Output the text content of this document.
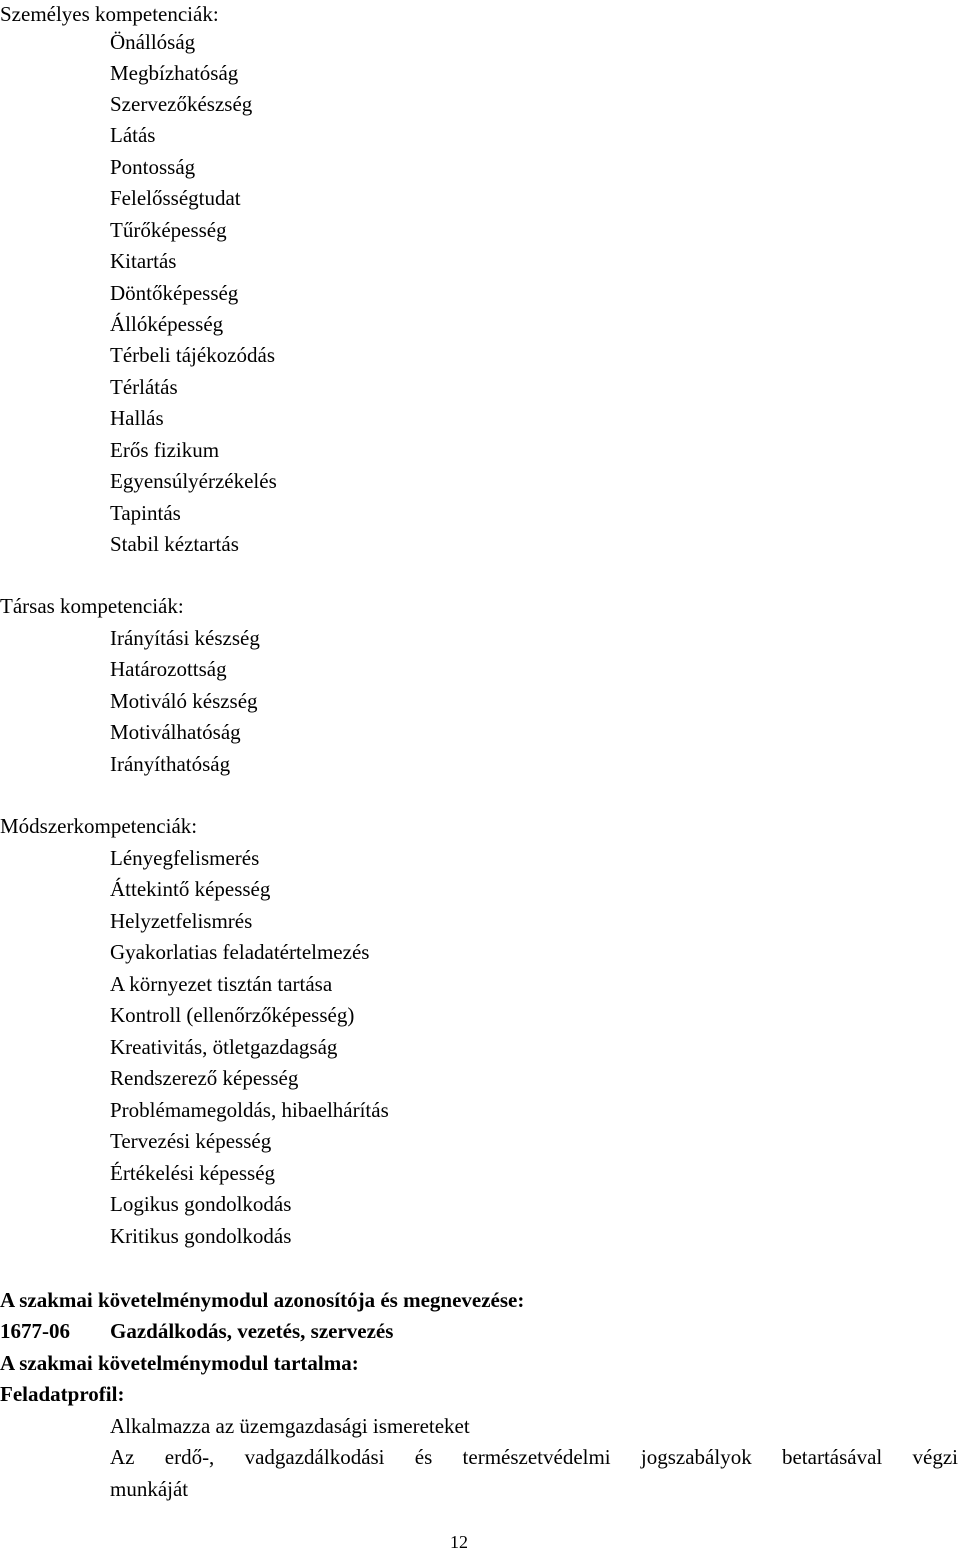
Személyes kompetenciák:
Önállóság
Megbízhatóság
Szervezőkészség
Látás
Pontosság
Felelősségtudat
Tűrőképesség
Kitartás
Döntőképesség
Állóképesség
Térbeli tájékozódás
Térlátás
Hallás
Erős fizikum
Egyensúlyérzékelés
Tapintás
Stabil kéztartás
Társas kompetenciák:
Irányítási készség
Határozottság
Motiváló készség
Motiválhatóság
Irányíthatóság
Módszerkompetenciák:
Lényegfelismerés
Áttekintő képesség
Helyzetfelismrés
Gyakorlatias feladatértelmezés
A környezet tisztán tartása
Kontroll (ellenőrzőképesség)
Kreativitás, ötletgazdagság
Rendszerező képesség
Problémamegoldás, hibaelhárítás
Tervezési képesség
Értékelési képesség
Logikus gondolkodás
Kritikus gondolkodás
A szakmai követelménymodul azonosítója és megnevezése:
1677-06 Gazdálkodás, vezetés, szervezés
A szakmai követelménymodul tartalma:
Feladatprofil:
Alkalmazza az üzemgazdasági ismereteket
Az erdő-, vadgazdálkodási és természetvédelmi jogszabályok betartásával végzi
munkáját
12
